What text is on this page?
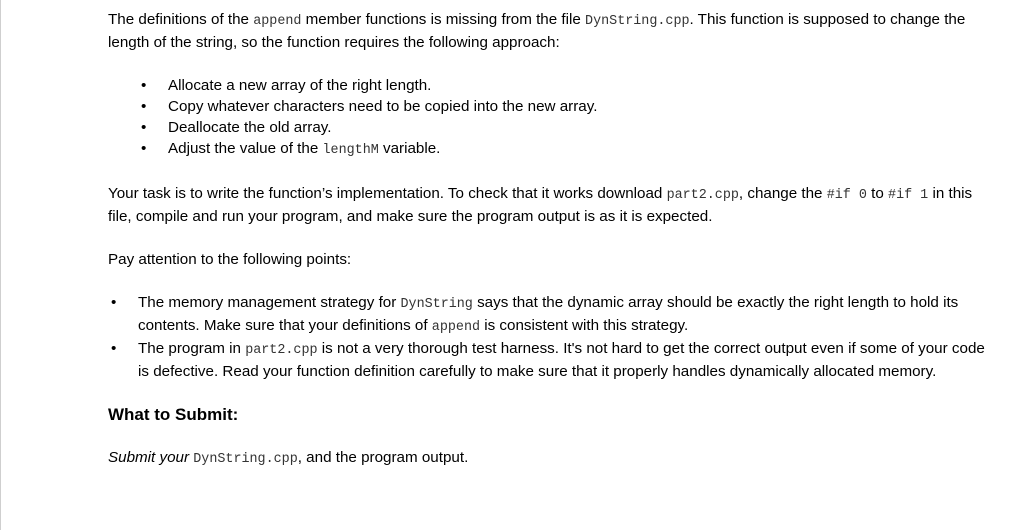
The definitions of the append member functions is missing from the file DynString.cpp. This function is supposed to change the length of the string, so the function requires the following approach:

• Allocate a new array of the right length.
• Copy whatever characters need to be copied into the new array.
• Deallocate the old array.
• Adjust the value of the lengthM variable.

Your task is to write the function’s implementation. To check that it works download part2.cpp, change the #if 0 to #if 1 in this file, compile and run your program, and make sure the program output is as it is expected.

Pay attention to the following points:

• The memory management strategy for DynString says that the dynamic array should be exactly the right length to hold its contents. Make sure that your definitions of append is consistent with this strategy.
• The program in part2.cpp is not a very thorough test harness. It's not hard to get the correct output even if some of your code is defective. Read your function definition carefully to make sure that it properly handles dynamically allocated memory.
What to Submit:

Submit your DynString.cpp, and the program output.
